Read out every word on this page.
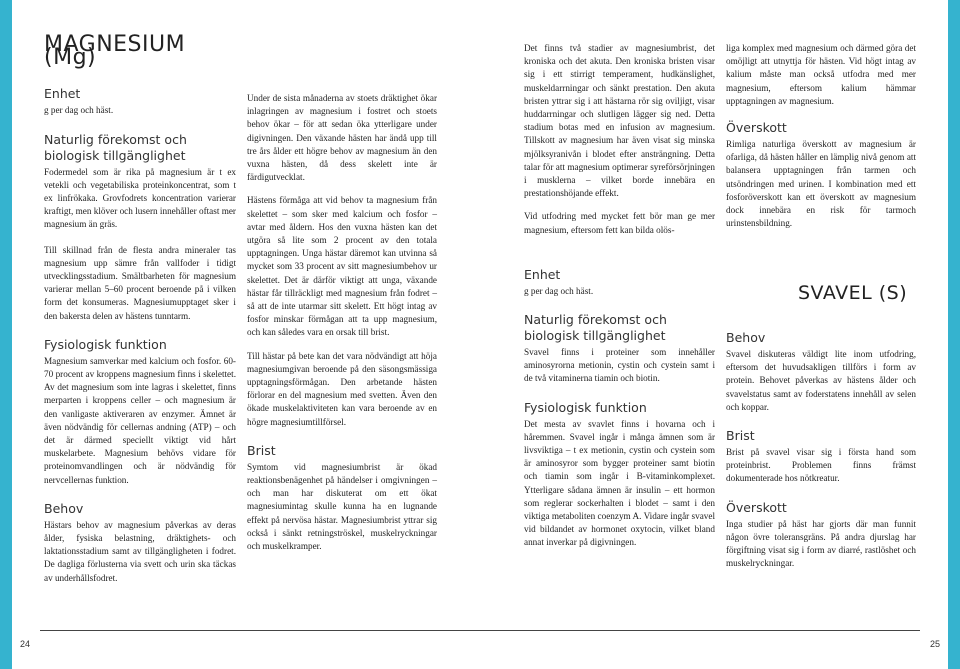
MAGNESIUM (Mg)
Enhet

g per dag och häst.

Naturlig förekomst och biologisk tillgänglighet

Fodermedel som är rika på magnesium är t ex vetekli och vegetabiliska proteinkoncentrat, som t ex linfrökaka. Grovfodrets koncentration varierar kraftigt, men klöver och lusern innehåller oftast mer magnesium än gräs.

Till skillnad från de flesta andra mineraler tas magnesium upp sämre från vallfoder i tidigt utvecklingsstadium. Smältbarheten för magnesium varierar mellan 5–60 procent beroende på i vilken form det konsumeras. Magnesiumupptaget sker i den bakersta delen av hästens tunntarm.

Fysiologisk funktion

Magnesium samverkar med kalcium och fosfor. 60-70 procent av kroppens magnesium finns i skelettet. Av det magnesium som inte lagras i skelettet, finns merparten i kroppens celler – och magnesium är den vanligaste aktiveraren av enzymer. Ämnet är även nödvändig för cellernas andning (ATP) – och det är därmed speciellt viktigt vid hårt muskelarbete. Magnesium behövs vidare för proteinomvandlingen och är nödvändig för nervcellernas funktion.

Behov

Hästars behov av magnesium påverkas av deras ålder, fysiska belastning, dräktighets- och laktationsstadium samt av tillgängligheten i fodret. De dagliga förlusterna via svett och urin ska täckas av underhållsfodret.

Under de sista månaderna av stoets dräktighet ökar inlagringen av magnesium i fostret och stoets behov ökar – för att sedan öka ytterligare under digivningen. Den växande hästen har ändå upp till tre års ålder ett högre behov av magnesium än den vuxna hästen, då dess skelett inte är färdigutvecklat.

Hästens förmåga att vid behov ta magnesium från skelettet – som sker med kalcium och fosfor – avtar med åldern. Hos den vuxna hästen kan det utgöra så lite som 2 procent av den totala upptagningen. Unga hästar däremot kan utvinna så mycket som 33 procent av sitt magnesiumbehov ur skelettet. Det är därför viktigt att unga, växande hästar får tillräckligt med magnesium från fodret – så att de inte utarmar sitt skelett. Ett högt intag av fosfor minskar förmågan att ta upp magnesium, och kan således vara en orsak till brist.

Till hästar på bete kan det vara nödvändigt att höja magnesiumgivan beroende på den säsongsmässiga upptagningsförmågan. Den arbetande hästen förlorar en del magnesium med svetten. Även den ökade muskelaktiviteten kan vara beroende av en högre magnesiumtillförsel.

Brist

Symtom vid magnesiumbrist är ökad reaktionsbenägenhet på händelser i omgivningen – och man har diskuterat om ett ökat magnesiumintag skulle kunna ha en lugnande effekt på nervösa hästar. Magnesiumbrist yttrar sig också i sänkt retningströskel, muskelryckningar och muskelkramper.

24

Det finns två stadier av magnesiumbrist, det kroniska och det akuta. Den kroniska bristen visar sig i ett stirrigt temperament, hudkänslighet, muskeldarrningar och sänkt prestation. Den akuta bristen yttrar sig i att hästarna rör sig oviljigt, visar huddarrningar och slutligen lägger sig ned. Detta stadium botas med en infusion av magnesium. Tillskott av magnesium har även visat sig minska mjölksyranivån i blodet efter ansträngning. Detta talar för att magnesium optimerar syreförsörjningen i musklerna – vilket borde innebära en prestationshöjande effekt.

Vid utfodring med mycket fett bör man ge mer magnesium, eftersom fett kan bilda olös-

Enhet

g per dag och häst.

Naturlig förekomst och biologisk tillgänglighet

Svavel finns i proteiner som innehåller aminosyrorna metionin, cystin och cystein samt i de två vitaminerna tiamin och biotin.

Fysiologisk funktion

Det mesta av svavlet finns i hovarna och i håremmen. Svavel ingår i många ämnen som är livsviktiga – t ex metionin, cystin och cystein som är aminosyror som bygger proteiner samt biotin och tiamin som ingår i B-vitaminkomplexet. Ytterligare sådana ämnen är insulin – ett hormon som reglerar sockerhalten i blodet – samt i den viktiga metaboliten coenzym A. Vidare ingår svavel vid bildandet av hormonet oxytocin, vilket bland annat inverkar på digivningen.

liga komplex med magnesium och därmed göra det omöjligt att utnyttja för hästen. Vid högt intag av kalium måste man också utfodra med mer magnesium, eftersom kalium hämmar upptagningen av magnesium.

Överskott

Rimliga naturliga överskott av magnesium är ofarliga, då hästen håller en lämplig nivå genom att balansera upptagningen från tarmen och utsöndringen med urinen. I kombination med ett fosforöverskott kan ett överskott av magnesium dock innebära en risk för tarmoch urinstensbildning.

SVAVEL (S)
Behov

Svavel diskuteras väldigt lite inom utfodring, eftersom det huvudsakligen tillförs i form av protein. Behovet påverkas av hästens ålder och svavelstatus samt av foderstatens innehåll av selen och koppar.

Brist

Brist på svavel visar sig i första hand som proteinbrist. Problemen finns främst dokumenterade hos nötkreatur.

Överskott

Inga studier på häst har gjorts där man funnit någon övre toleransgräns. På andra djurslag har förgiftning visat sig i form av diarré, rastlöshet och muskelryckningar.

25
